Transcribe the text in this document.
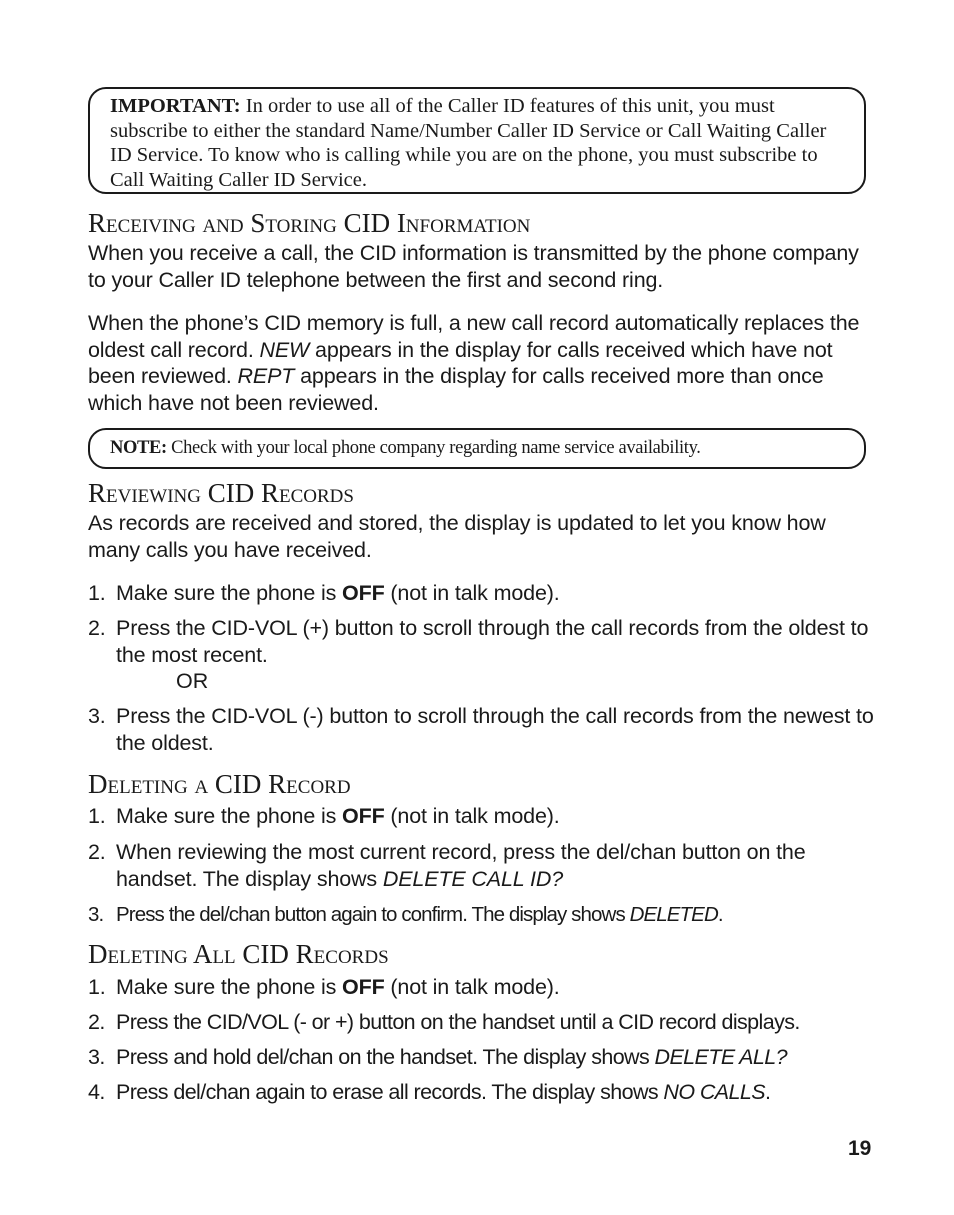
IMPORTANT: In order to use all of the Caller ID features of this unit, you must subscribe to either the standard Name/Number Caller ID Service or Call Waiting Caller ID Service. To know who is calling while you are on the phone, you must subscribe to Call Waiting Caller ID Service.
Receiving and Storing CID Information
When you receive a call, the CID information is transmitted by the phone company to your Caller ID telephone between the first and second ring.
When the phone’s CID memory is full, a new call record automatically replaces the oldest call record. NEW appears in the display for calls received which have not been reviewed. REPT appears in the display for calls received more than once which have not been reviewed.
NOTE: Check with your local phone company regarding name service availability.
Reviewing CID Records
As records are received and stored, the display is updated to let you know how many calls you have received.
1. Make sure the phone is OFF (not in talk mode).
2. Press the CID-VOL (+) button to scroll through the call records from the oldest to the most recent.
OR
3. Press the CID-VOL (-) button to scroll through the call records from the newest to the oldest.
Deleting a CID Record
1. Make sure the phone is OFF (not in talk mode).
2. When reviewing the most current record, press the del/chan button on the handset. The display shows DELETE CALL ID?
3. Press the del/chan button again to confirm. The display shows DELETED.
Deleting All CID Records
1. Make sure the phone is OFF (not in talk mode).
2. Press the CID/VOL (- or +) button on the handset until a CID record displays.
3. Press and hold del/chan on the handset. The display shows DELETE ALL?
4. Press del/chan again to erase all records. The display shows NO CALLS.
19
